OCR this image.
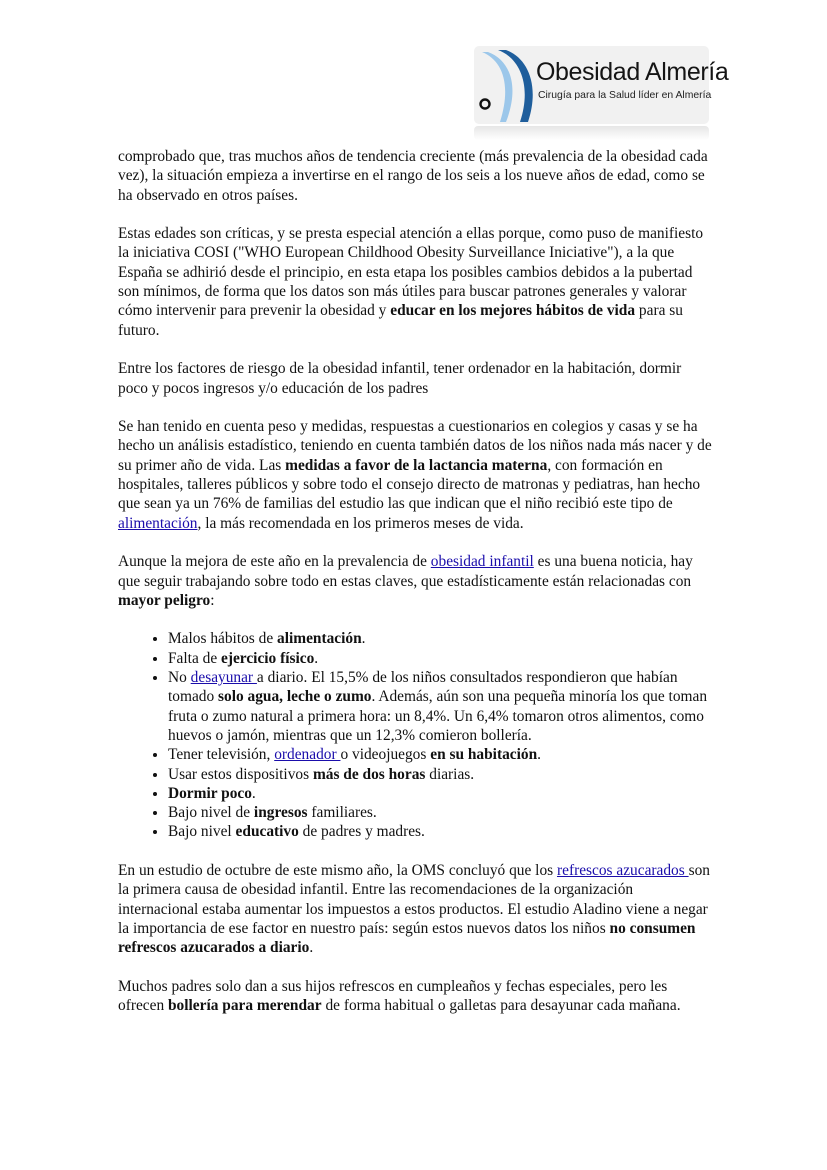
Obesidad Almería
Cirugía para la Salud líder en Almería

comprobado que, tras muchos años de tendencia creciente (más prevalencia de la obesidad cada vez), la situación empieza a invertirse en el rango de los seis a los nueve años de edad, como se ha observado en otros países.

Estas edades son críticas, y se presta especial atención a ellas porque, como puso de manifiesto la iniciativa COSI ("WHO European Childhood Obesity Surveillance Iniciative"), a la que España se adhirió desde el principio, en esta etapa los posibles cambios debidos a la pubertad son mínimos, de forma que los datos son más útiles para buscar patrones generales y valorar cómo intervenir para prevenir la obesidad y educar en los mejores hábitos de vida para su futuro.

Entre los factores de riesgo de la obesidad infantil, tener ordenador en la habitación, dormir poco y pocos ingresos y/o educación de los padres

Se han tenido en cuenta peso y medidas, respuestas a cuestionarios en colegios y casas y se ha hecho un análisis estadístico, teniendo en cuenta también datos de los niños nada más nacer y de su primer año de vida. Las medidas a favor de la lactancia materna, con formación en hospitales, talleres públicos y sobre todo el consejo directo de matronas y pediatras, han hecho que sean ya un 76% de familias del estudio las que indican que el niño recibió este tipo de alimentación, la más recomendada en los primeros meses de vida.

Aunque la mejora de este año en la prevalencia de obesidad infantil es una buena noticia, hay que seguir trabajando sobre todo en estas claves, que estadísticamente están relacionadas con mayor peligro:

• Malos hábitos de alimentación.
• Falta de ejercicio físico.
• No desayunar a diario. El 15,5% de los niños consultados respondieron que habían tomado solo agua, leche o zumo. Además, aún son una pequeña minoría los que toman fruta o zumo natural a primera hora: un 8,4%. Un 6,4% tomaron otros alimentos, como huevos o jamón, mientras que un 12,3% comieron bollería.
• Tener televisión, ordenador o videojuegos en su habitación.
• Usar estos dispositivos más de dos horas diarias.
• Dormir poco.
• Bajo nivel de ingresos familiares.
• Bajo nivel educativo de padres y madres.

En un estudio de octubre de este mismo año, la OMS concluyó que los refrescos azucarados son la primera causa de obesidad infantil. Entre las recomendaciones de la organización internacional estaba aumentar los impuestos a estos productos. El estudio Aladino viene a negar la importancia de ese factor en nuestro país: según estos nuevos datos los niños no consumen refrescos azucarados a diario.

Muchos padres solo dan a sus hijos refrescos en cumpleaños y fechas especiales, pero les ofrecen bollería para merendar de forma habitual o galletas para desayunar cada mañana.
